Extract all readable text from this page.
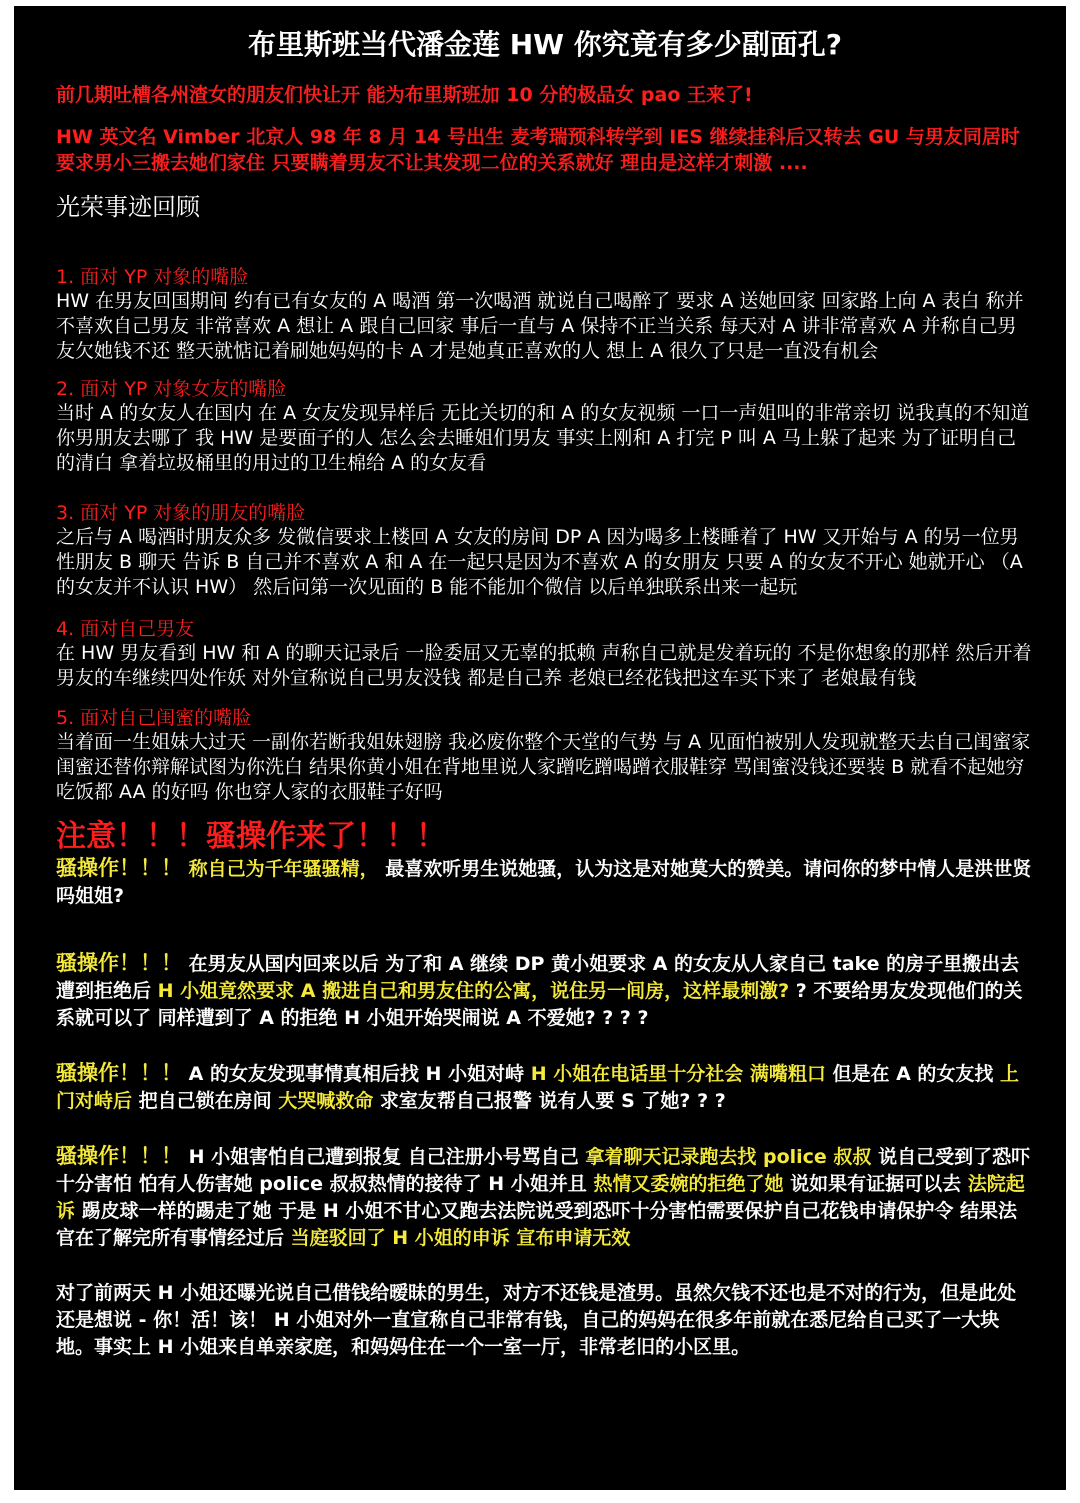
布里斯班当代潘金莲 HW 你究竟有多少副面孔?
前几期吐槽各州渣女的朋友们快让开 能为布里斯班加 10 分的极品女 pao 王来了!
HW 英文名 Vimber 北京人 98 年 8 月 14 号出生 麦考瑞预科转学到 IES 继续挂科后又转去 GU 与男友同居时 要求男小三搬去她们家住 只要瞒着男友不让其发现二位的关系就好 理由是这样才刺激 ....
光荣事迹回顾
1. 面对 YP 对象的嘴脸
HW 在男友回国期间 约有已有女友的 A 喝酒 第一次喝酒 就说自己喝醉了 要求 A 送她回家 回家路上向 A 表白 称并不喜欢自己男友 非常喜欢 A 想让 A 跟自己回家 事后一直与 A 保持不正当关系 每天对 A 讲非常喜欢 A 并称自己男友欠她钱不还 整天就惦记着刷她妈妈的卡 A 才是她真正喜欢的人 想上 A 很久了只是一直没有机会
2. 面对 YP 对象女友的嘴脸
当时 A 的女友人在国内 在 A 女友发现异样后 无比关切的和 A 的女友视频 一口一声姐叫的非常亲切 说我真的不知道你男朋友去哪了 我 HW 是要面子的人 怎么会去睡姐们男友 事实上刚和 A 打完 P 叫 A 马上躲了起来 为了证明自己的清白 拿着垃圾桶里的用过的卫生棉给 A 的女友看
3. 面对 YP 对象的朋友的嘴脸
之后与 A 喝酒时朋友众多 发微信要求上楼回 A 女友的房间 DP A 因为喝多上楼睡着了 HW 又开始与 A 的另一位男性朋友 B 聊天 告诉 B 自己并不喜欢 A 和 A 在一起只是因为不喜欢 A 的女朋友 只要 A 的女友不开心 她就开心 （A 的女友并不认识 HW） 然后问第一次见面的 B 能不能加个微信 以后单独联系出来一起玩
4. 面对自己男友
在 HW 男友看到 HW 和 A 的聊天记录后 一脸委屈又无辜的抵赖 声称自己就是发着玩的 不是你想象的那样 然后开着男友的车继续四处作妖 对外宣称说自己男友没钱 都是自己养 老娘已经花钱把这车买下来了 老娘最有钱
5. 面对自己闺蜜的嘴脸
当着面一生姐妹大过天 一副你若断我姐妹翅膀 我必废你整个天堂的气势 与 A 见面怕被别人发现就整天去自己闺蜜家 闺蜜还替你辩解试图为你洗白 结果你黄小姐在背地里说人家蹭吃蹭喝蹭衣服鞋穿 骂闺蜜没钱还要装 B 就看不起她穷 吃饭都 AA 的好吗 你也穿人家的衣服鞋子好吗
注意！！！骚操作来了！！！
骚操作！！！ 称自己为千年骚骚精， 最喜欢听男生说她骚，认为这是对她莫大的赞美。请问你的梦中情人是洪世贤吗姐姐?
骚操作！！！ 在男友从国内回来以后 为了和 A 继续 DP 黄小姐要求 A 的女友从人家自己 take 的房子里搬出去 遭到拒绝后 H 小姐竟然要求 A 搬进自己和男友住的公寓，说住另一间房，这样最刺激? ? 不要给男友发现他们的关系就可以了 同样遭到了 A 的拒绝 H 小姐开始哭闹说 A 不爱她? ? ? ?
骚操作！！！ A 的女友发现事情真相后找 H 小姐对峙 H 小姐在电话里十分社会 满嘴粗口 但是在 A 的女友找 上门对峙后 把自己锁在房间 大哭喊救命 求室友帮自己报警 说有人要 S 了她? ? ?
骚操作！！！ H 小姐害怕自己遭到报复 自己注册小号骂自己 拿着聊天记录跑去找 police 叔叔 说自己受到了恐吓 十分害怕 怕有人伤害她 police 叔叔热情的接待了 H 小姐并且 热情又委婉的拒绝了她 说如果有证据可以去 法院起诉 踢皮球一样的踢走了她 于是 H 小姐不甘心又跑去法院说受到恐吓十分害怕需要保护自己花钱申请保护令 结果法官在了解完所有事情经过后 当庭驳回了 H 小姐的申诉 宣布申请无效
对了前两天 H 小姐还曝光说自己借钱给暧昧的男生，对方不还钱是渣男。虽然欠钱不还也是不对的行为，但是此处还是想说 - 你！活！该！ H 小姐对外一直宣称自己非常有钱，自己的妈妈在很多年前就在悉尼给自己买了一大块地。事实上 H 小姐来自单亲家庭，和妈妈住在一个一室一厅，非常老旧的小区里。
